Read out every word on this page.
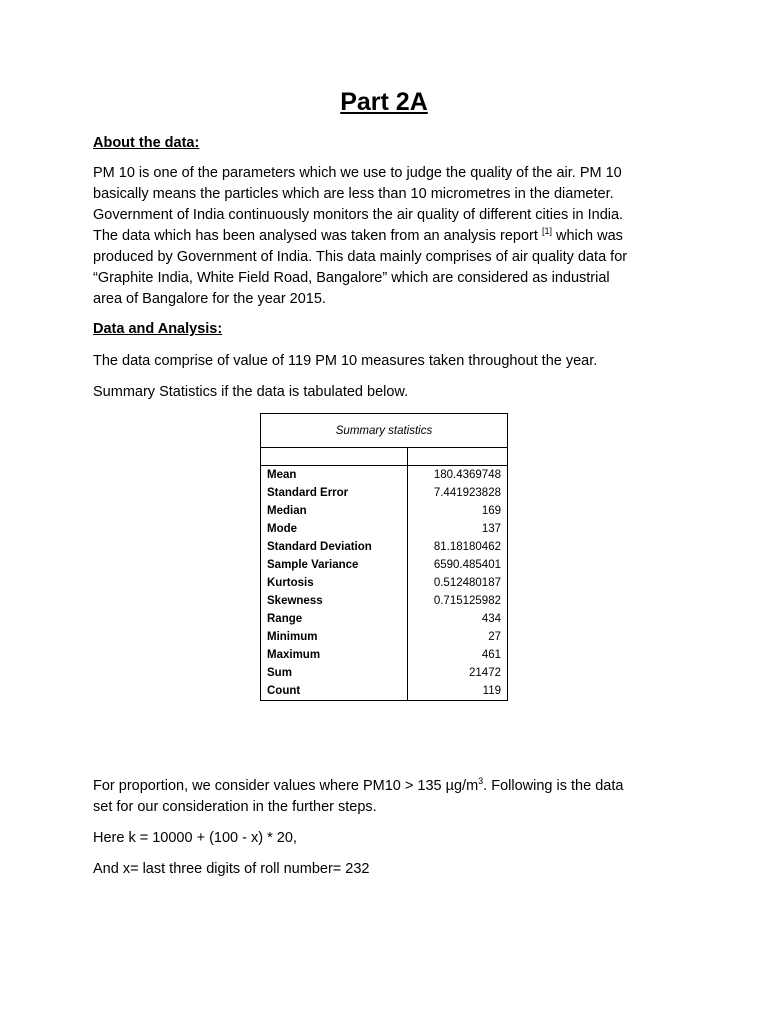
Part 2A
About the data:
PM 10 is one of the parameters which we use to judge the quality of the air. PM 10
basically means the particles which are less than 10 micrometres in the diameter.
Government of India continuously monitors the air quality of different cities in India.
The data which has been analysed was taken from an analysis report [1] which was
produced by Government of India. This data mainly comprises of air quality data for
“Graphite India, White Field Road, Bangalore” which are considered as industrial
area of Bangalore for the year 2015.
Data and Analysis:
The data comprise of value of 119 PM 10 measures taken throughout the year.
Summary Statistics if the data is tabulated below.
Summary statistics	

Mean	180.4369748
Standard Error	7.441923828
Median	169
Mode	137
Standard Deviation	81.18180462
Sample Variance	6590.485401
Kurtosis	0.512480187
Skewness	0.715125982
Range	434
Minimum	27
Maximum	461
Sum	21472
Count	119
For proportion, we consider values where PM10 > 135 $\mu g/m^3$. Following is the data
set for our consideration in the further steps.
Here k = 10000 + (100 - x) * 20,
And x= last three digits of roll number= 232
